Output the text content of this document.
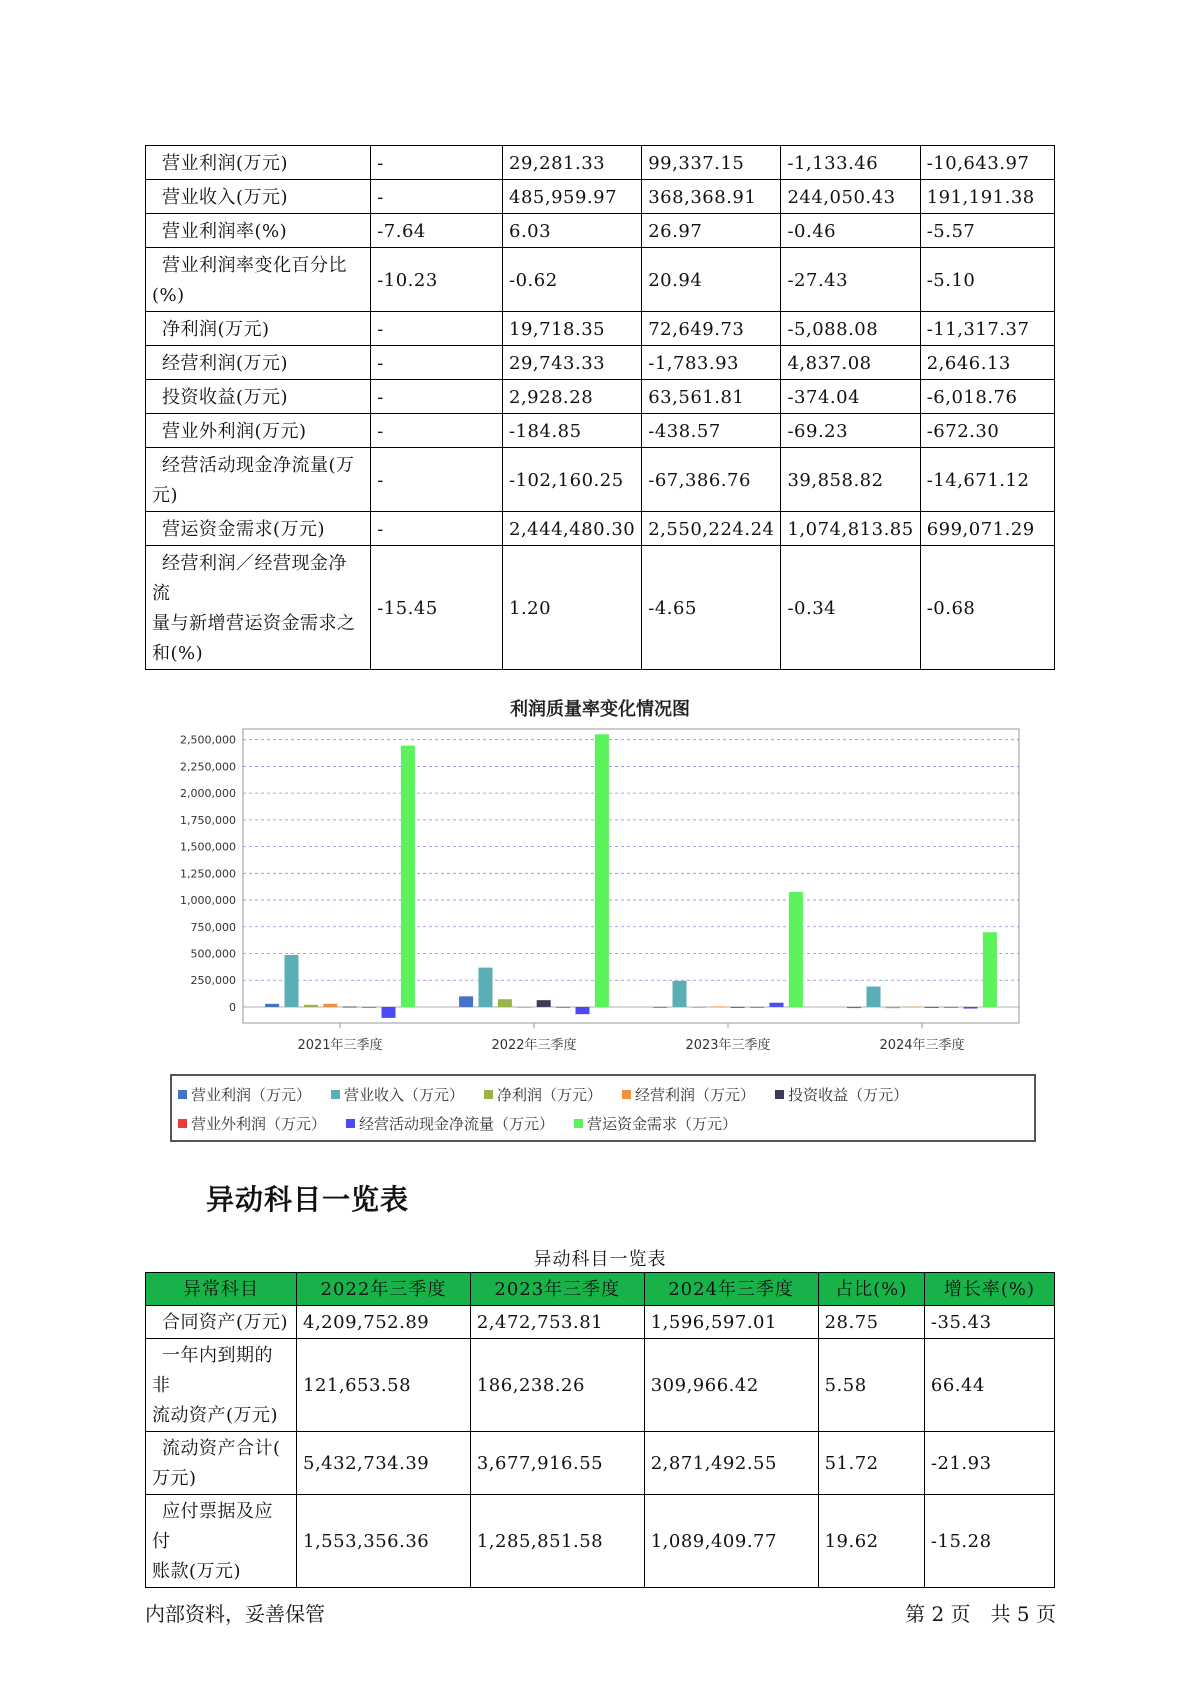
营业利润(万元)	-	29,281.33	99,337.15	-1,133.46	-10,643.97
营业收入(万元)	-	485,959.97	368,368.91	244,050.43	191,191.38
营业利润率(%)	-7.64	6.03	26.97	-0.46	-5.57
营业利润率变化百分比
(%)	-10.23	-0.62	20.94	-27.43	-5.10
净利润(万元)	-	19,718.35	72,649.73	-5,088.08	-11,317.37
经营利润(万元)	-	29,743.33	-1,783.93	4,837.08	2,646.13
投资收益(万元)	-	2,928.28	63,561.81	-374.04	-6,018.76
营业外利润(万元)	-	-184.85	-438.57	-69.23	-672.30
经营活动现金净流量(万
元)	-	-102,160.25	-67,386.76	39,858.82	-14,671.12
营运资金需求(万元)	-	2,444,480.30	2,550,224.24	1,074,813.85	699,071.29
经营利润／经营现金净流
量与新增营运资金需求之
和(%)	-15.45	1.20	-4.65	-0.34	-0.68
利润质量率变化情况图
0
250,000
500,000
750,000
1,000,000
1,250,000
1,500,000
1,750,000
2,000,000
2,250,000
2,500,000
2021年三季度	2022年三季度	2023年三季度	2024年三季度
营业利润（万元） 营业收入（万元） 净利润（万元） 经营利润（万元） 投资收益（万元）
营业外利润（万元） 经营活动现金净流量（万元） 营运资金需求（万元）
异动科目一览表
异动科目一览表
异常科目	2022年三季度	2023年三季度	2024年三季度	占比(%)	增长率(%)
合同资产(万元)	4,209,752.89	2,472,753.81	1,596,597.01	28.75	-35.43
一年内到期的非
流动资产(万元)	121,653.58	186,238.26	309,966.42	5.58	66.44
流动资产合计(
万元)	5,432,734.39	3,677,916.55	2,871,492.55	51.72	-21.93
应付票据及应付
账款(万元)	1,553,356.36	1,285,851.58	1,089,409.77	19.62	-15.28
内部资料，妥善保管	第 2 页　共 5 页
